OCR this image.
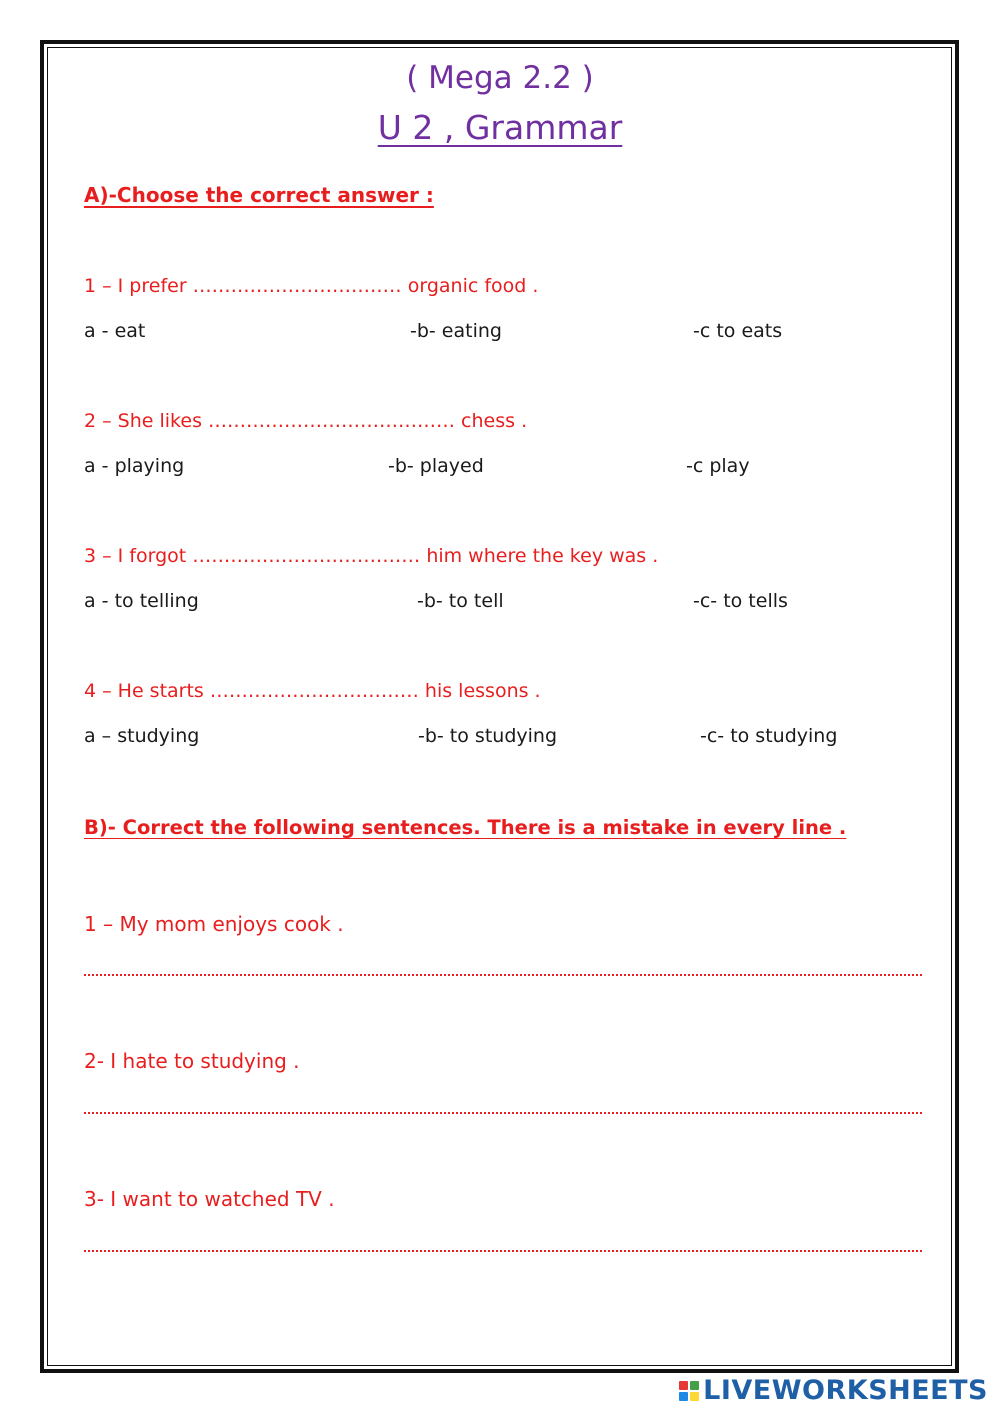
( Mega 2.2 )
U 2 , Grammar
A)-Choose the correct answer :
1 – I prefer …………………………… organic food .
a - eat	-b- eating	-c to eats
2 – She likes ………………………………… chess .
a - playing	-b- played	-c play
3 – I forgot ……………………………… him where the key was .
a - to telling	-b- to tell	-c- to tells
4 – He starts …………………………… his lessons .
a – studying	-b- to studying	-c- to studying
B)- Correct the following sentences. There is a mistake in every line .
1 – My mom enjoys cook .
2- I hate to studying .
3- I want to watched TV .
LIVEWORKSHEETS
